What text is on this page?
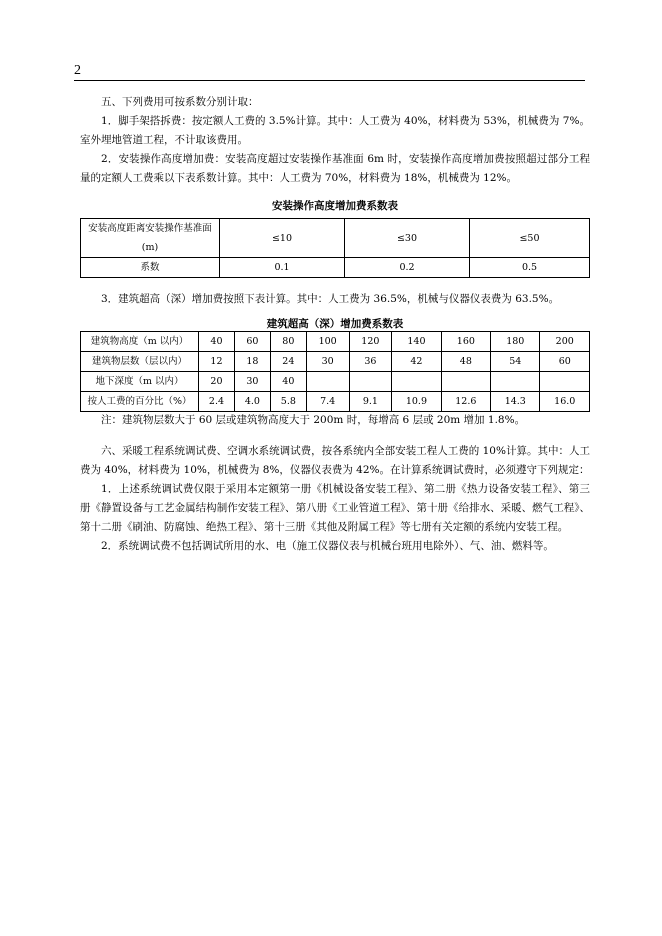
2

五、下列费用可按系数分别计取：

1．脚手架搭拆费：按定额人工费的 3.5%计算。其中：人工费为 40%，材料费为 53%，机械费为 7%。室外埋地管道工程，不计取该费用。

2．安装操作高度增加费：安装高度超过安装操作基准面 6m 时，安装操作高度增加费按照超过部分工程量的定额人工费乘以下表系数计算。其中：人工费为 70%，材料费为 18%，机械费为 12%。

安装操作高度增加费系数表

安装高度距离安装操作基准面(m)	≤10	≤30	≤50
系数	0.1	0.2	0.5

3．建筑超高（深）增加费按照下表计算。其中：人工费为 36.5%，机械与仪器仪表费为 63.5%。

建筑超高（深）增加费系数表

建筑物高度（m 以内）	40	60	80	100	120	140	160	180	200
建筑物层数（层以内）	12	18	24	30	36	42	48	54	60
地下深度（m 以内）	20	30	40						
按人工费的百分比（%）	2.4	4.0	5.8	7.4	9.1	10.9	12.6	14.3	16.0

注：建筑物层数大于 60 层或建筑物高度大于 200m 时，每增高 6 层或 20m 增加 1.8%。

六、采暖工程系统调试费、空调水系统调试费，按各系统内全部安装工程人工费的 10%计算。其中：人工费为 40%，材料费为 10%，机械费为 8%，仪器仪表费为 42%。在计算系统调试费时，必须遵守下列规定：

1．上述系统调试费仅限于采用本定额第一册《机械设备安装工程》、第二册《热力设备安装工程》、第三册《静置设备与工艺金属结构制作安装工程》、第八册《工业管道工程》、第十册《给排水、采暖、燃气工程》、第十二册《刷油、防腐蚀、绝热工程》、第十三册《其他及附属工程》等七册有关定额的系统内安装工程。

2．系统调试费不包括调试所用的水、电（施工仪器仪表与机械台班用电除外）、气、油、燃料等。
